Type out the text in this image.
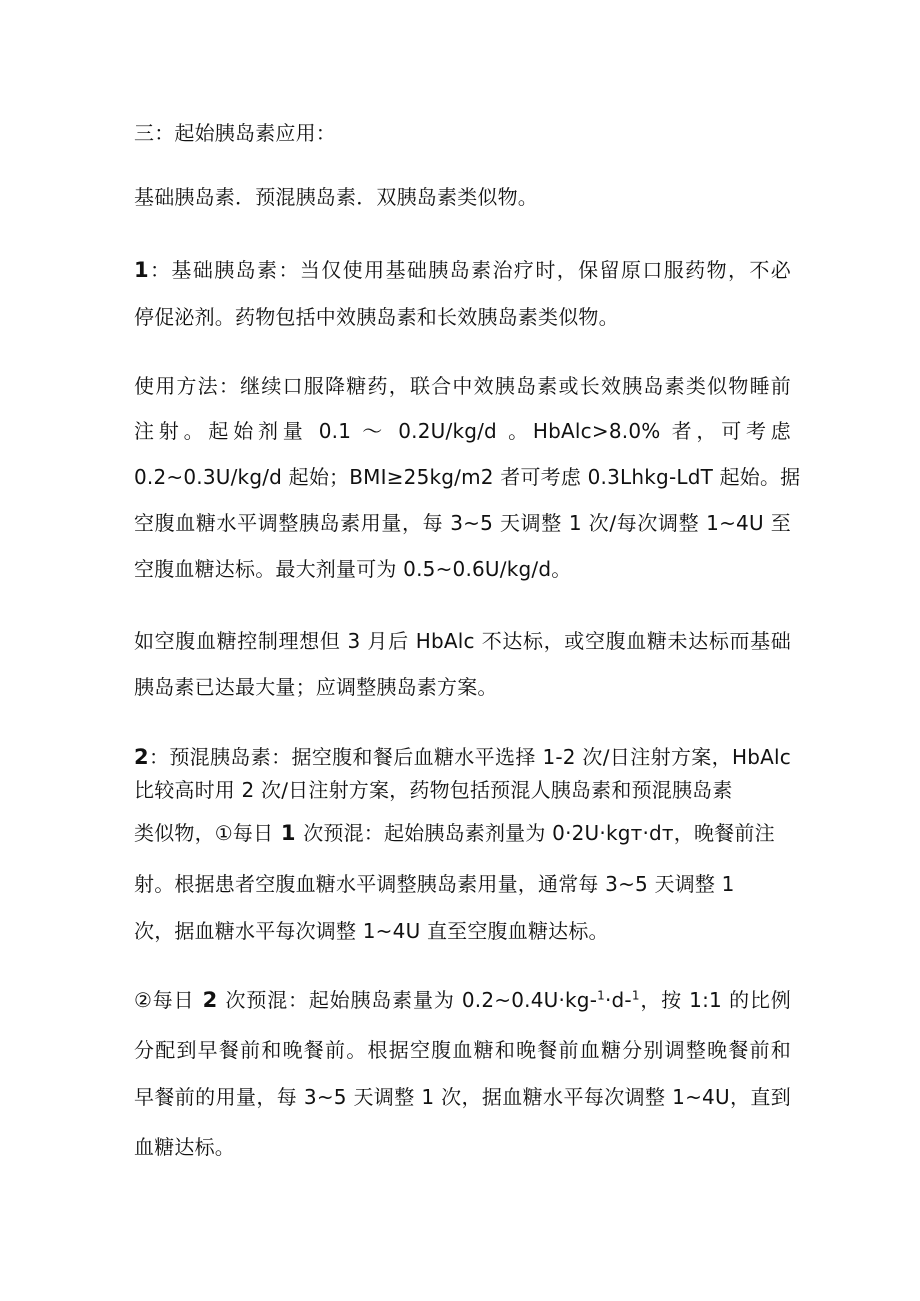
三：起始胰岛素应用：
基础胰岛素．预混胰岛素．双胰岛素类似物。
1：基础胰岛素：当仅使用基础胰岛素治疗时，保留原口服药物，不必
停促泌剂。药物包括中效胰岛素和长效胰岛素类似物。
使用方法：继续口服降糖药，联合中效胰岛素或长效胰岛素类似物睡前
注射。起始剂量 0.1 ～ 0.2U/kg/d 。HbAlc>8.0% 者，可考虑
0.2~0.3U/kg/d 起始；BMI≥25kg∕m2 者可考虑 0.3Lhkg-LdT 起始。据
空腹血糖水平调整胰岛素用量，每 3~5 天调整 1 次∕每次调整 1~4U 至
空腹血糖达标。最大剂量可为 0.5~0.6U∕kg∕d。
如空腹血糖控制理想但 3 月后 HbAlc 不达标，或空腹血糖未达标而基础
胰岛素已达最大量；应调整胰岛素方案。
2：预混胰岛素：据空腹和餐后血糖水平选择 1-2 次∕日注射方案，HbAlc
比较高时用 2 次∕日注射方案，药物包括预混人胰岛素和预混胰岛素
类似物，①每日 1 次预混：起始胰岛素剂量为 0·2U·kgт·dт，晚餐前注
射。根据患者空腹血糖水平调整胰岛素用量，通常每 3~5 天调整 1
次，据血糖水平每次调整 1~4U 直至空腹血糖达标。
②每日 2 次预混：起始胰岛素量为 0.2~0.4U·kg-$^1$·d-$^1$，按 1:1 的比例
分配到早餐前和晚餐前。根据空腹血糖和晚餐前血糖分别调整晚餐前和
早餐前的用量，每 3~5 天调整 1 次，据血糖水平每次调整 1~4U，直到
血糖达标。
